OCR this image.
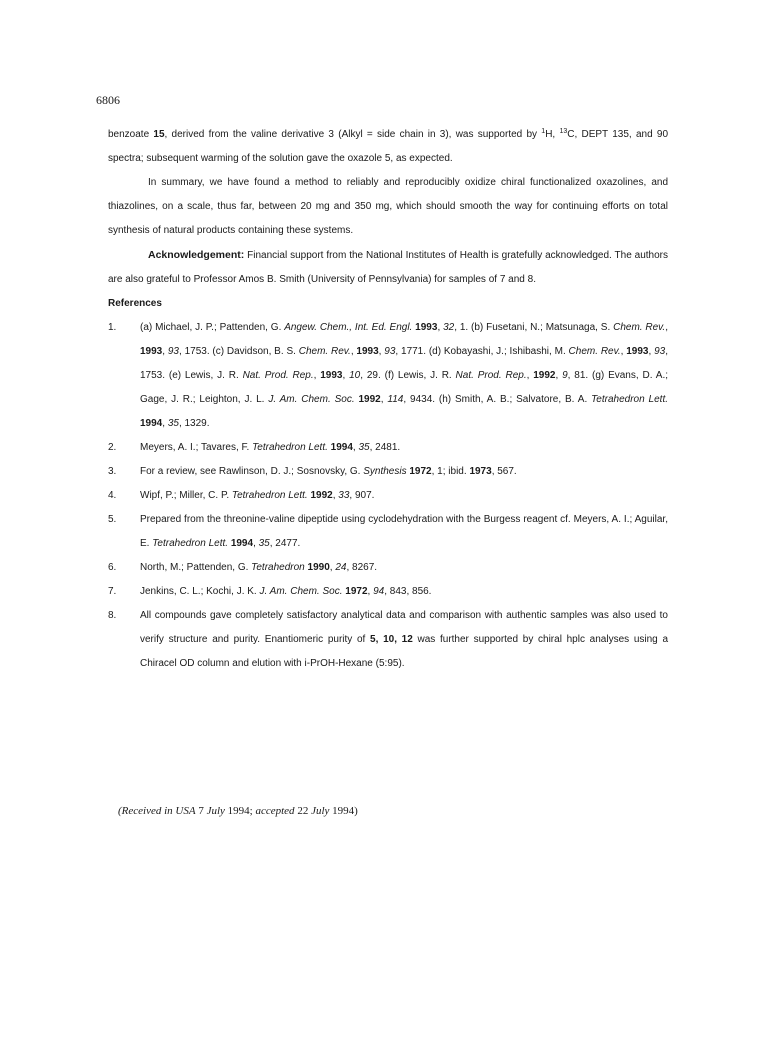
6806

benzoate 15, derived from the valine derivative 3 (Alkyl = side chain in 3), was supported by $^1$H, $^{13}$C, DEPT 135, and 90 spectra; subsequent warming of the solution gave the oxazole 5, as expected.

In summary, we have found a method to reliably and reproducibly oxidize chiral functionalized oxazolines, and thiazolines, on a scale, thus far, between 20 mg and 350 mg, which should smooth the way for continuing efforts on total synthesis of natural products containing these systems.

Acknowledgement: Financial support from the National Institutes of Health is gratefully acknowledged. The authors are also grateful to Professor Amos B. Smith (University of Pennsylvania) for samples of 7 and 8.

References

1. (a) Michael, J. P.; Pattenden, G. Angew. Chem., Int. Ed. Engl. 1993, 32, 1. (b) Fusetani, N.; Matsunaga, S. Chem. Rev., 1993, 93, 1753. (c) Davidson, B. S. Chem. Rev., 1993, 93, 1771. (d) Kobayashi, J.; Ishibashi, M. Chem. Rev., 1993, 93, 1753. (e) Lewis, J. R. Nat. Prod. Rep., 1993, 10, 29. (f) Lewis, J. R. Nat. Prod. Rep., 1992, 9, 81. (g) Evans, D. A.; Gage, J. R.; Leighton, J. L. J. Am. Chem. Soc. 1992, 114, 9434. (h) Smith, A. B.; Salvatore, B. A. Tetrahedron Lett. 1994, 35, 1329.
2. Meyers, A. I.; Tavares, F. Tetrahedron Lett. 1994, 35, 2481.
3. For a review, see Rawlinson, D. J.; Sosnovsky, G. Synthesis 1972, 1; ibid. 1973, 567.
4. Wipf, P.; Miller, C. P. Tetrahedron Lett. 1992, 33, 907.
5. Prepared from the threonine-valine dipeptide using cyclodehydration with the Burgess reagent cf. Meyers, A. I.; Aguilar, E. Tetrahedron Lett. 1994, 35, 2477.
6. North, M.; Pattenden, G. Tetrahedron 1990, 24, 8267.
7. Jenkins, C. L.; Kochi, J. K. J. Am. Chem. Soc. 1972, 94, 843, 856.
8. All compounds gave completely satisfactory analytical data and comparison with authentic samples was also used to verify structure and purity. Enantiomeric purity of 5, 10, 12 was further supported by chiral hplc analyses using a Chiracel OD column and elution with i-PrOH-Hexane (5:95).
(Received in USA 7 July 1994; accepted 22 July 1994)
